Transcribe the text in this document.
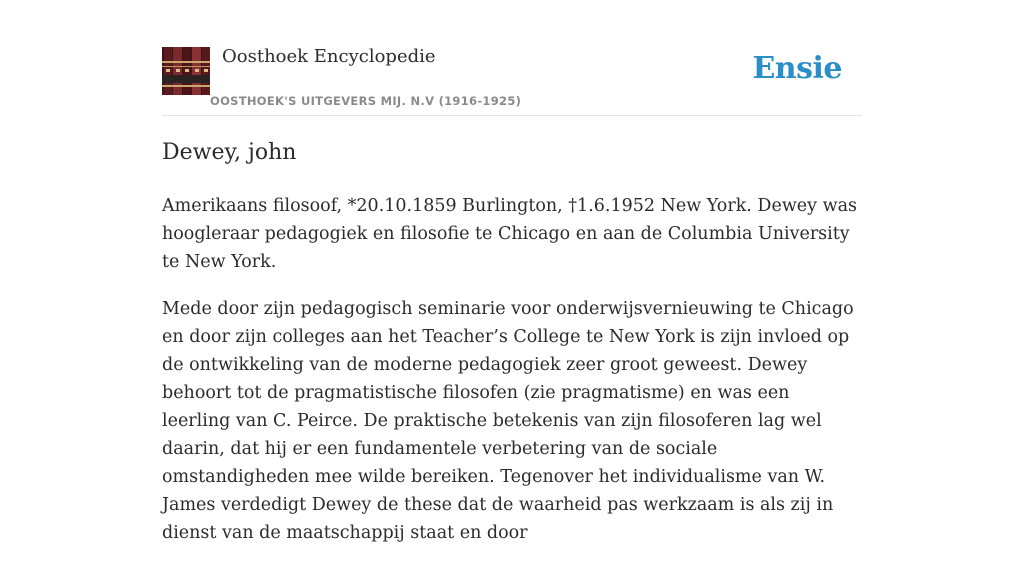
Oosthoek Encyclopedie
OOSTHOEK'S UITGEVERS MIJ. N.V (1916-1925)
Ensie
Dewey, john

Amerikaans filosoof, *20.10.1859 Burlington, †1.6.1952 New York. Dewey was hoogleraar pedagogiek en filosofie te Chicago en aan de Columbia University te New York.

Mede door zijn pedagogisch seminarie voor onderwijsvernieuwing te Chicago en door zijn colleges aan het Teacher’s College te New York is zijn invloed op de ontwikkeling van de moderne pedagogiek zeer groot geweest. Dewey behoort tot de pragmatistische filosofen (zie pragmatisme) en was een leerling van C. Peirce. De praktische betekenis van zijn filosoferen lag wel daarin, dat hij er een fundamentele verbetering van de sociale omstandigheden mee wilde bereiken. Tegenover het individualisme van W. James verdedigt Dewey de these dat de waarheid pas werkzaam is als zij in dienst van de maatschappij staat en door
